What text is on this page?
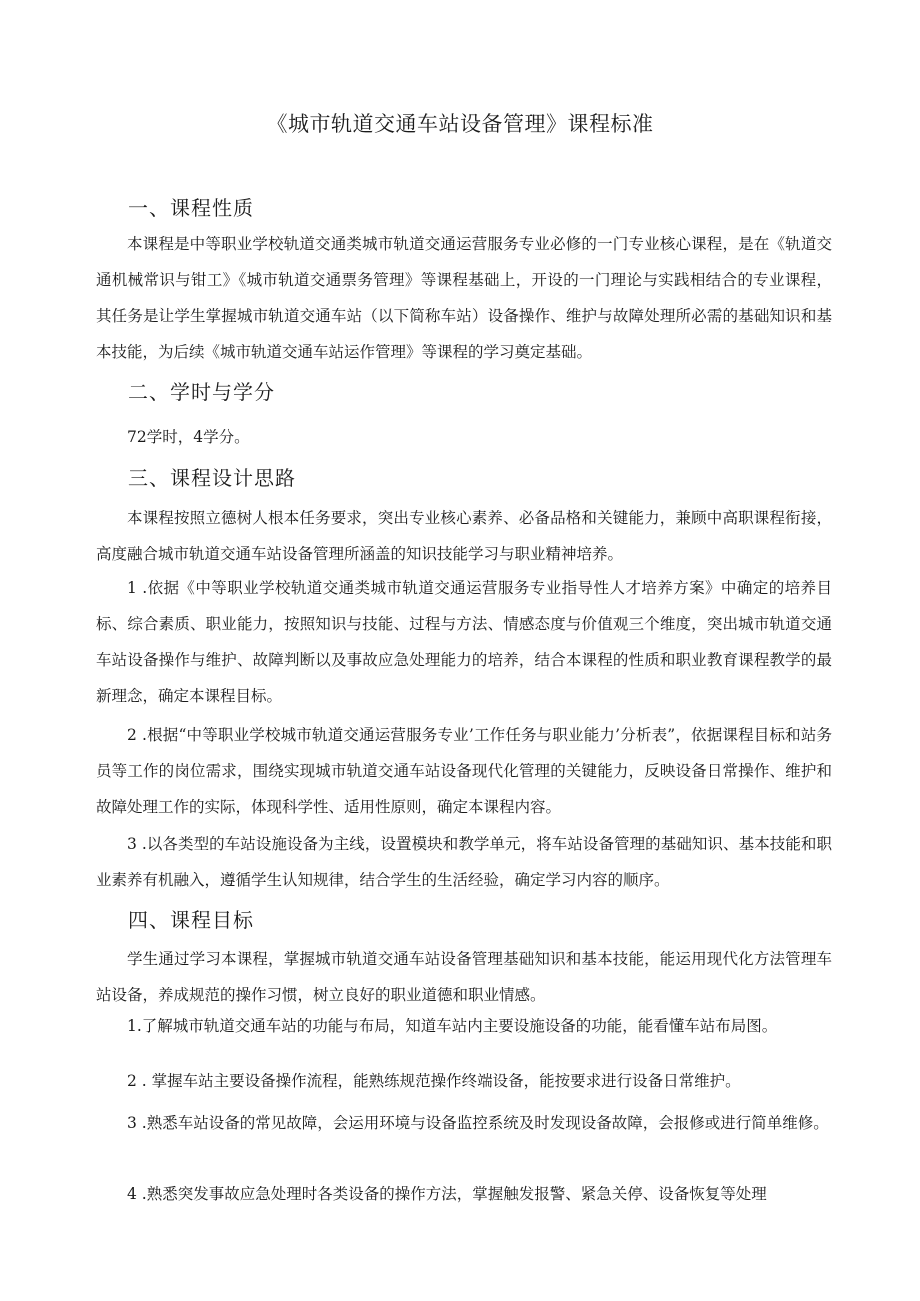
《城市轨道交通车站设备管理》课程标准
一、课程性质
本课程是中等职业学校轨道交通类城市轨道交通运营服务专业必修的一门专业核心课程，是在《轨道交通机械常识与钳工》《城市轨道交通票务管理》等课程基础上，开设的一门理论与实践相结合的专业课程，其任务是让学生掌握城市轨道交通车站（以下简称车站）设备操作、维护与故障处理所必需的基础知识和基本技能，为后续《城市轨道交通车站运作管理》等课程的学习奠定基础。
二、学时与学分
72学时，4学分。
三、课程设计思路
本课程按照立德树人根本任务要求，突出专业核心素养、必备品格和关键能力，兼顾中高职课程衔接，高度融合城市轨道交通车站设备管理所涵盖的知识技能学习与职业精神培养。
1 .依据《中等职业学校轨道交通类城市轨道交通运营服务专业指导性人才培养方案》中确定的培养目标、综合素质、职业能力，按照知识与技能、过程与方法、情感态度与价值观三个维度，突出城市轨道交通车站设备操作与维护、故障判断以及事故应急处理能力的培养，结合本课程的性质和职业教育课程教学的最新理念，确定本课程目标。
2 .根据“中等职业学校城市轨道交通运营服务专业’工作任务与职业能力’分析表”，依据课程目标和站务员等工作的岗位需求，围绕实现城市轨道交通车站设备现代化管理的关键能力，反映设备日常操作、维护和故障处理工作的实际，体现科学性、适用性原则，确定本课程内容。
3 .以各类型的车站设施设备为主线，设置模块和教学单元，将车站设备管理的基础知识、基本技能和职业素养有机融入，遵循学生认知规律，结合学生的生活经验，确定学习内容的顺序。
四、课程目标
学生通过学习本课程，掌握城市轨道交通车站设备管理基础知识和基本技能，能运用现代化方法管理车站设备，养成规范的操作习惯，树立良好的职业道德和职业情感。
1.了解城市轨道交通车站的功能与布局，知道车站内主要设施设备的功能，能看懂车站布局图。
2 . 掌握车站主要设备操作流程，能熟练规范操作终端设备，能按要求进行设备日常维护。
3 .熟悉车站设备的常见故障，会运用环境与设备监控系统及时发现设备故障，会报修或进行简单维修。
4 .熟悉突发事故应急处理时各类设备的操作方法，掌握触发报警、紧急关停、设备恢复等处理
